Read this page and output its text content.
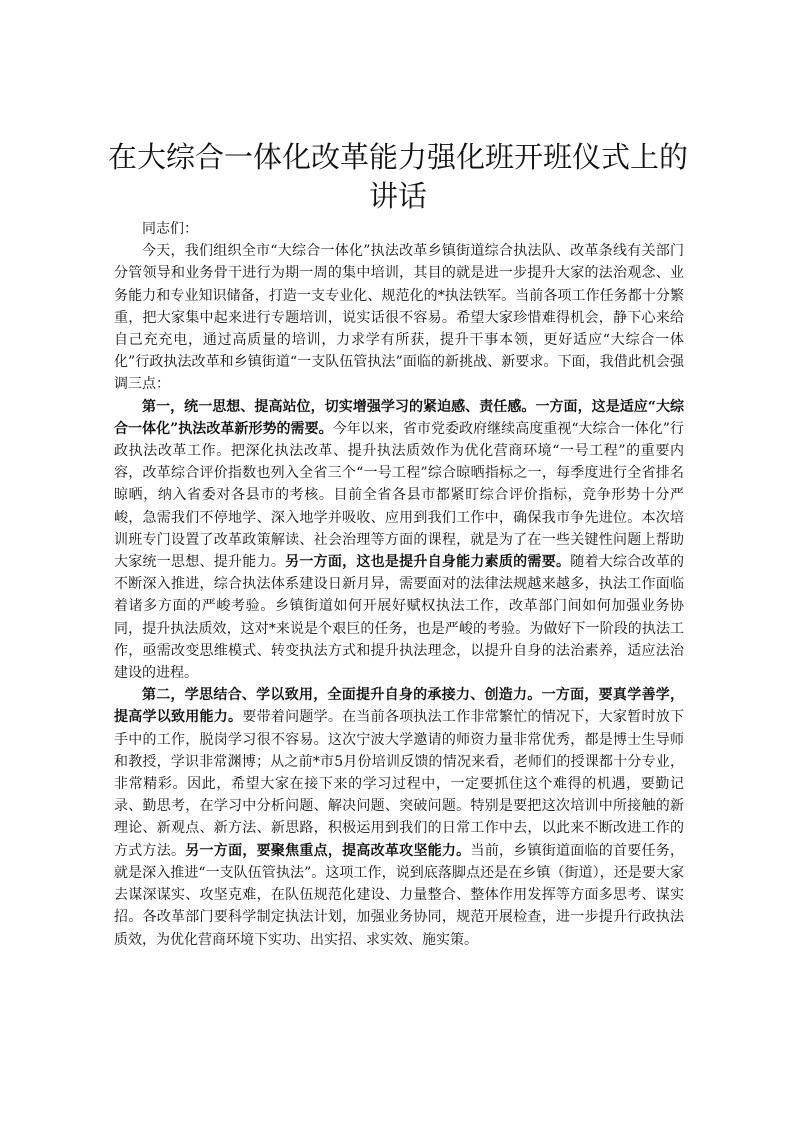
在大综合一体化改革能力强化班开班仪式上的讲话

同志们：

今天，我们组织全市“大综合一体化”执法改革乡镇街道综合执法队、改革条线有关部门分管领导和业务骨干进行为期一周的集中培训，其目的就是进一步提升大家的法治观念、业务能力和专业知识储备，打造一支专业化、规范化的*执法铁军。当前各项工作任务都十分繁重，把大家集中起来进行专题培训，说实话很不容易。希望大家珍惜难得机会，静下心来给自己充充电，通过高质量的培训，力求学有所获，提升干事本领，更好适应“大综合一体化”行政执法改革和乡镇街道“一支队伍管执法”面临的新挑战、新要求。下面，我借此机会强调三点：

第一，统一思想、提高站位，切实增强学习的紧迫感、责任感。一方面，这是适应“大综合一体化”执法改革新形势的需要。今年以来，省市党委政府继续高度重视“大综合一体化”行政执法改革工作。把深化执法改革、提升执法质效作为优化营商环境“一号工程”的重要内容，改革综合评价指数也列入全省三个“一号工程”综合晾晒指标之一，每季度进行全省排名晾晒，纳入省委对各县市的考核。目前全省各县市都紧盯综合评价指标，竞争形势十分严峻，急需我们不停地学、深入地学并吸收、应用到我们工作中，确保我市争先进位。本次培训班专门设置了改革政策解读、社会治理等方面的课程，就是为了在一些关键性问题上帮助大家统一思想、提升能力。另一方面，这也是提升自身能力素质的需要。随着大综合改革的不断深入推进，综合执法体系建设日新月异，需要面对的法律法规越来越多，执法工作面临着诸多方面的严峻考验。乡镇街道如何开展好赋权执法工作，改革部门间如何加强业务协同，提升执法质效，这对*来说是个艰巨的任务，也是严峻的考验。为做好下一阶段的执法工作，亟需改变思维模式、转变执法方式和提升执法理念，以提升自身的法治素养，适应法治建设的进程。

第二，学思结合、学以致用，全面提升自身的承接力、创造力。一方面，要真学善学，提高学以致用能力。要带着问题学。在当前各项执法工作非常繁忙的情况下，大家暂时放下手中的工作，脱岗学习很不容易。这次宁波大学邀请的师资力量非常优秀，都是博士生导师和教授，学识非常渊博；从之前*市5月份培训反馈的情况来看，老师们的授课都十分专业，非常精彩。因此，希望大家在接下来的学习过程中，一定要抓住这个难得的机遇，要勤记录、勤思考，在学习中分析问题、解决问题、突破问题。特别是要把这次培训中所接触的新理论、新观点、新方法、新思路，积极运用到我们的日常工作中去，以此来不断改进工作的方式方法。另一方面，要聚焦重点，提高改革攻坚能力。当前，乡镇街道面临的首要任务，就是深入推进“一支队伍管执法”。这项工作，说到底落脚点还是在乡镇（街道），还是要大家去谋深谋实、攻坚克难，在队伍规范化建设、力量整合、整体作用发挥等方面多思考、谋实招。各改革部门要科学制定执法计划，加强业务协同，规范开展检查，进一步提升行政执法质效，为优化营商环境下实功、出实招、求实效、施实策。
